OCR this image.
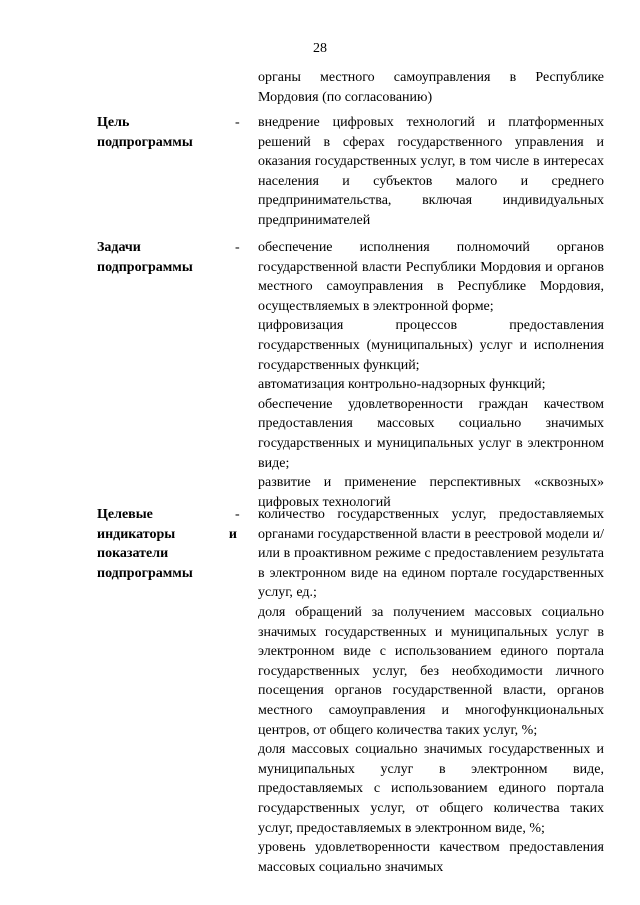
28

органы местного самоуправления в Республике Мордовия (по согласованию)

Цель
подпрограммы
- внедрение цифровых технологий и платформенных решений в сферах государственного управления и оказания государственных услуг, в том числе в интересах населения и субъектов малого и среднего предпринимательства, включая индивидуальных предпринимателей

Задачи
подпрограммы
- обеспечение исполнения полномочий органов государственной власти Республики Мордовия и органов местного самоуправления в Республике Мордовия, осуществляемых в электронной форме;

цифровизация процессов предоставления государственных (муниципальных) услуг и исполнения государственных функций;

автоматизация контрольно-надзорных функций;

обеспечение удовлетворенности граждан качеством предоставления массовых социально значимых государственных и муниципальных услуг в электронном виде;

развитие и применение перспективных «сквозных» цифровых технологий

Целевые
индикаторы и
показатели
подпрограммы
- количество государственных услуг, предоставляемых органами государственной власти в реестровой модели и/или в проактивном режиме с предоставлением результата в электронном виде на едином портале государственных услуг, ед.;

доля обращений за получением массовых социально значимых государственных и муниципальных услуг в электронном виде с использованием единого портала государственных услуг, без необходимости личного посещения органов государственной власти, органов местного самоуправления и многофункциональных центров, от общего количества таких услуг, %;

доля массовых социально значимых государственных и муниципальных услуг в электронном виде, предоставляемых с использованием единого портала государственных услуг, от общего количества таких услуг, предоставляемых в электронном виде, %;

уровень удовлетворенности качеством предоставления массовых социально значимых
